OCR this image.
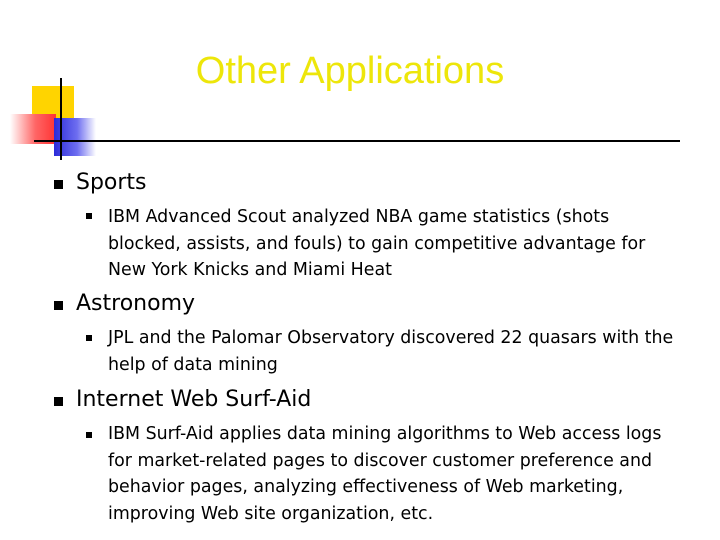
Other Applications
Sports
IBM Advanced Scout analyzed NBA game statistics (shots blocked, assists, and fouls) to gain competitive advantage for New York Knicks and Miami Heat
Astronomy
JPL and the Palomar Observatory discovered 22 quasars with the help of data mining
Internet Web Surf-Aid
IBM Surf-Aid applies data mining algorithms to Web access logs for market-related pages to discover customer preference and behavior pages, analyzing effectiveness of Web marketing, improving Web site organization, etc.
